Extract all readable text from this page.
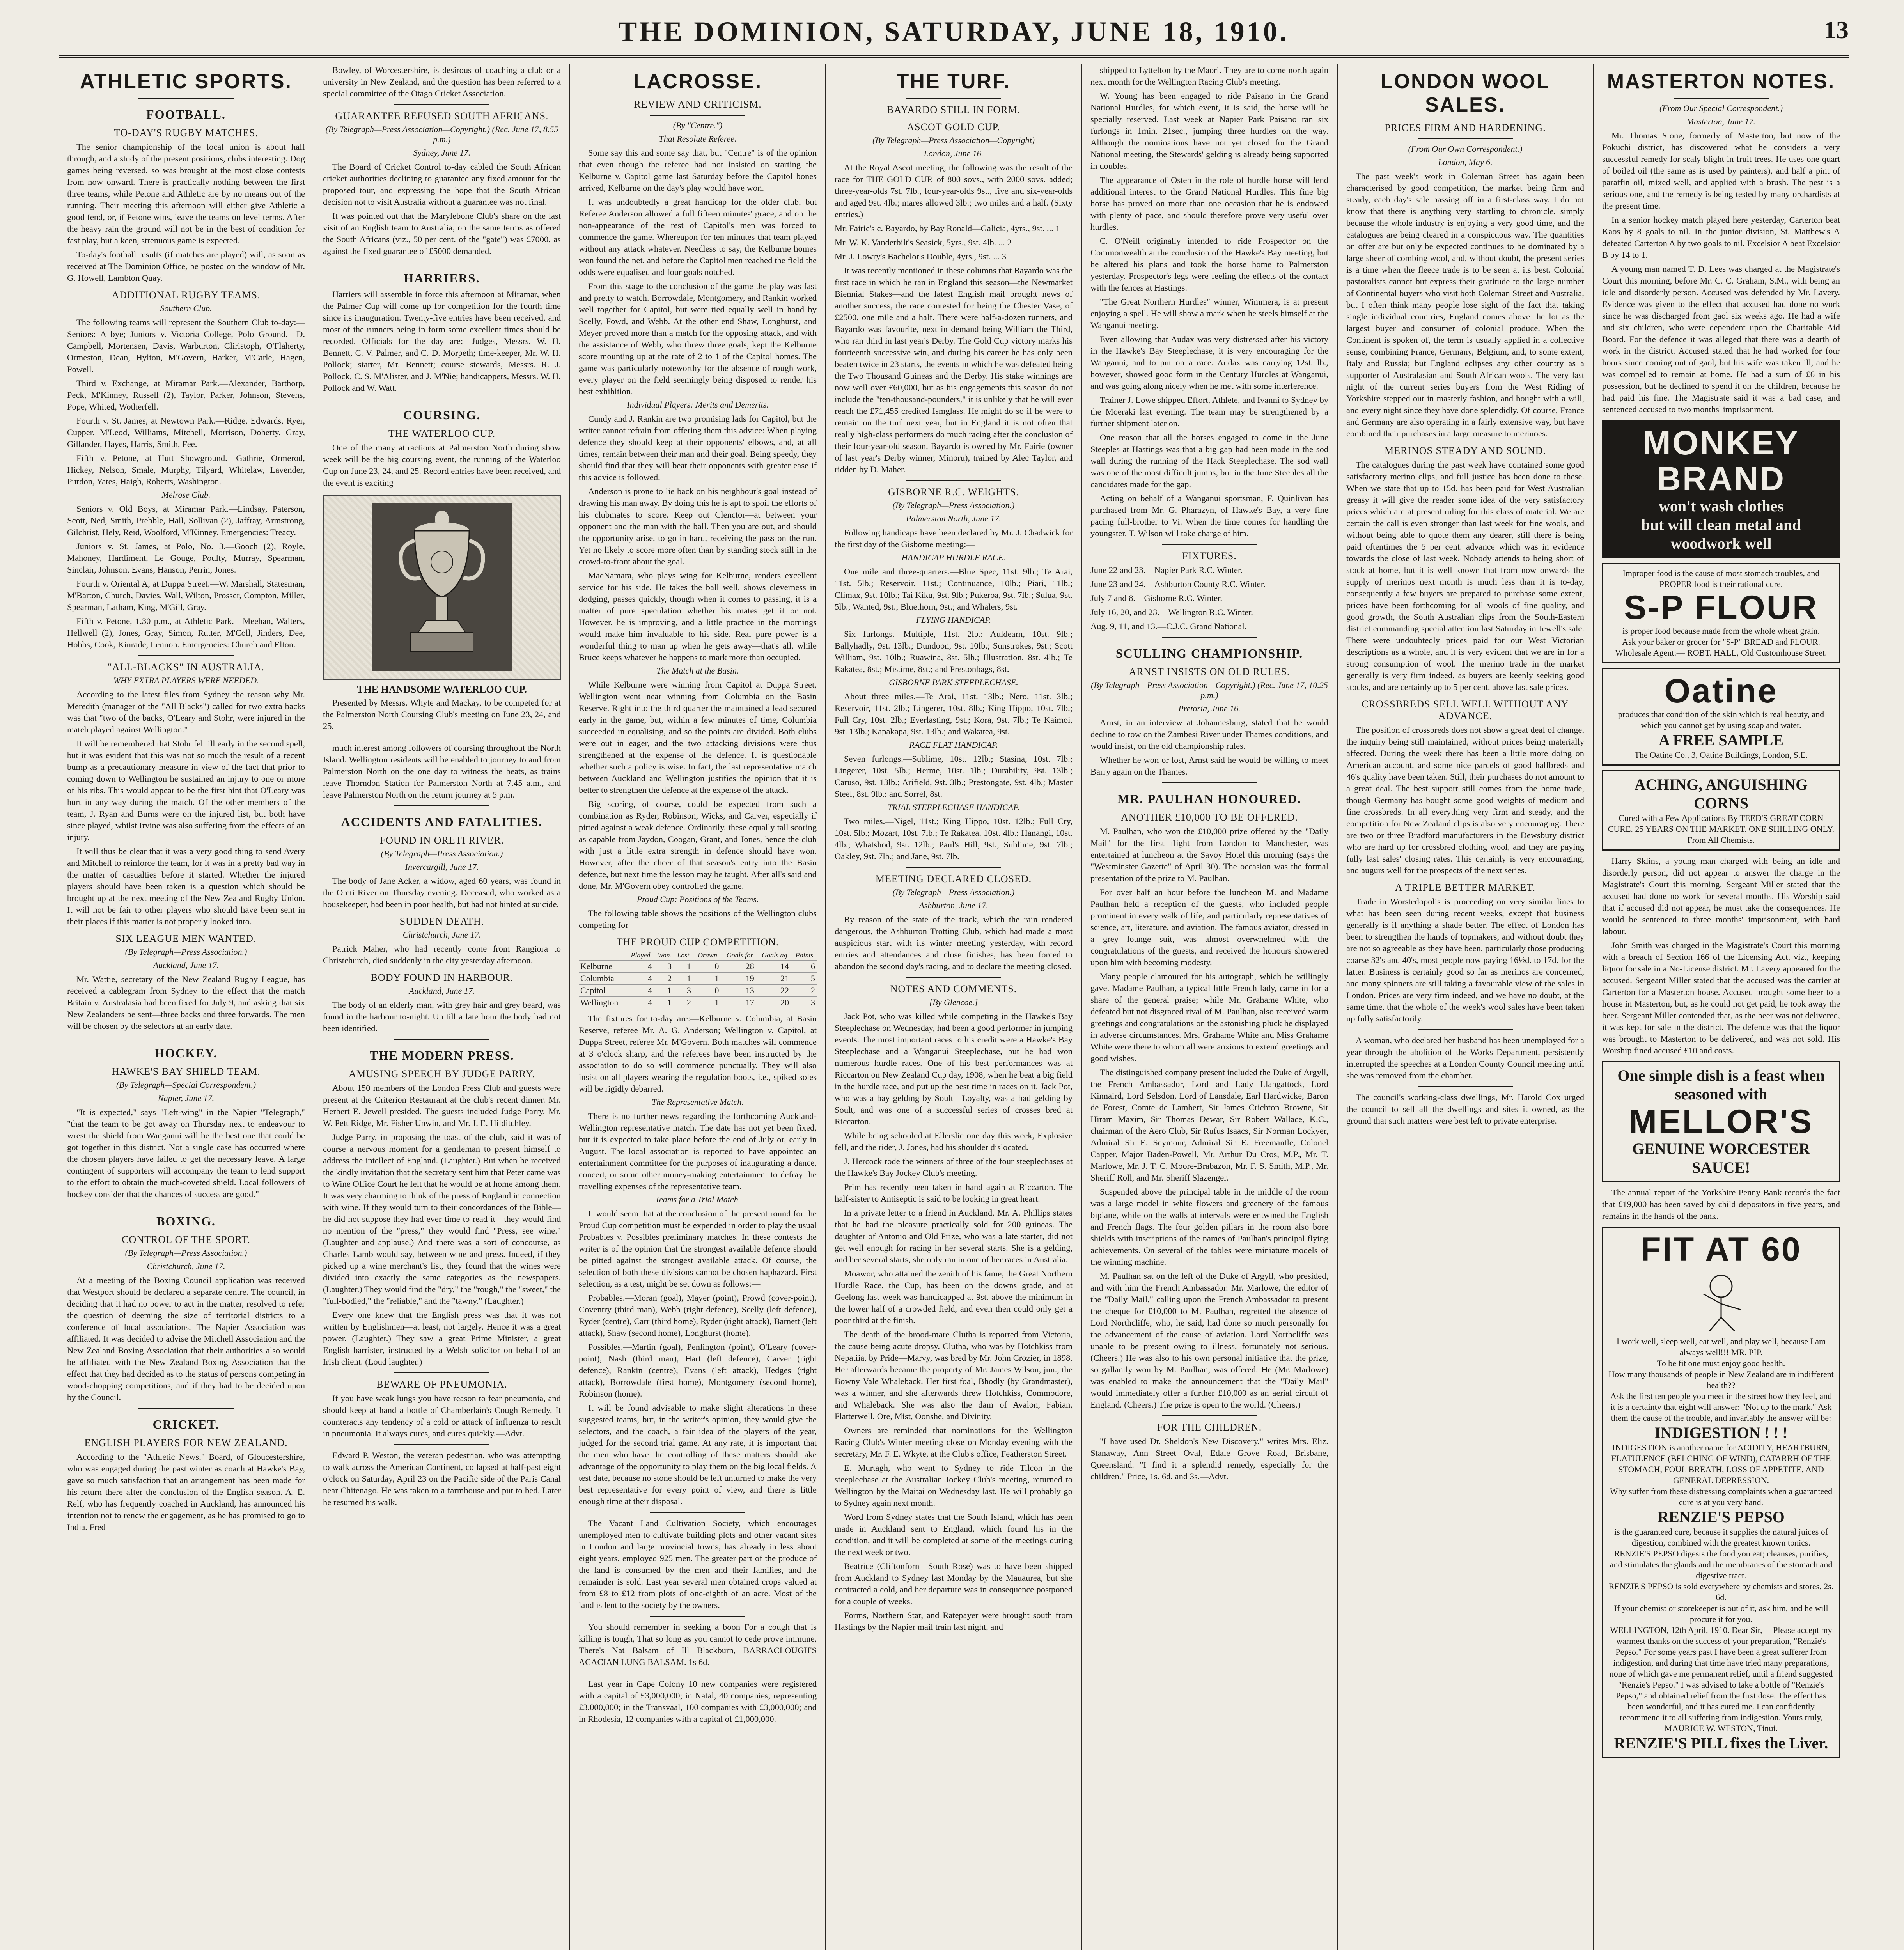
THE DOMINION, SATURDAY, JUNE 18, 1910.	13
ATHLETIC SPORTS.
FOOTBALL.
TO-DAY'S RUGBY MATCHES.

The senior championship of the local union is about half through, and a study of the present positions, clubs interesting. Dog games being reversed, so was brought at the most close contests from now onward. There is practically nothing between the first three teams, while Petone and Athletic are by no means out of the running. Their meeting this afternoon will either give Athletic a good fend, or, if Petone wins, leave the teams on level terms. After the heavy rain the ground will not be in the best of condition for fast play, but a keen, strenuous game is expected.

To-day's football results (if matches are played) will, as soon as received at The Dominion Office, be posted on the window of Mr. G. Howell, Lambton Quay.

ADDITIONAL RUGBY TEAMS.
Southern Club.

The following teams will represent the Southern Club to-day:— Seniors: A bye; Juniors v. Victoria College, Polo Ground.—D. Campbell, Mortensen, Davis, Warburton, Cliristoph, O'Flaherty, Ormeston, Dean, Hylton, M'Govern, Harker, M'Carle, Hagen, Powell.

Third v. Exchange, at Miramar Park.—Alexander, Barthorp, Peck, M'Kinney, Russell (2), Taylor, Parker, Johnson, Stevens, Pope, Whited, Wotherfell.

Fourth v. St. James, at Newtown Park.—Ridge, Edwards, Ryer, Cupper, M'Leod, Williams, Mitchell, Morrison, Doherty, Gray, Gillander, Hayes, Harris, Smith, Fee.

Fifth v. Petone, at Hutt Showground.—Gathrie, Ormerod, Hickey, Nelson, Smale, Murphy, Tilyard, Whitelaw, Lavender, Purdon, Yates, Haigh, Roberts, Washington.

Melrose Club.

Seniors v. Old Boys, at Miramar Park.—Lindsay, Paterson, Scott, Ned, Smith, Prebble, Hall, Sollivan (2), Jaffray, Armstrong, Gilchrist, Hely, Reid, Woolford, M'Kinney. Emergencies: Treacy.

Juniors v. St. James, at Polo, No. 3.—Gooch (2), Royle, Mahoney, Hardiment, Le Gouge, Poulty, Murray, Spearman, Sinclair, Johnson, Evans, Hanson, Perrin, Jones.

Fourth v. Oriental A, at Duppa Street.—W. Marshall, Statesman, M'Barton, Church, Davies, Wall, Wilton, Prosser, Compton, Miller, Spearman, Latham, King, M'Gill, Gray.

Fifth v. Petone, 1.30 p.m., at Athletic Park.—Meehan, Walters, Hellwell (2), Jones, Gray, Simon, Rutter, M'Coll, Jinders, Dee, Hobbs, Cook, Kinrade, Lennon. Emergencies: Church and Elton.

"ALL-BLACKS" IN AUSTRALIA.
WHY EXTRA PLAYERS WERE NEEDED.

According to the latest files from Sydney the reason why Mr. Meredith (manager of the "All Blacks") called for two extra backs was that "two of the backs, O'Leary and Stohr, were injured in the match played against Wellington."

It will be remembered that Stohr felt ill early in the second spell, but it was evident that this was not so much the result of a recent bump as a precautionary measure in view of the fact that prior to coming down to Wellington he sustained an injury to one or more of his ribs. This would appear to be the first hint that O'Leary was hurt in any way during the match. Of the other members of the team, J. Ryan and Burns were on the injured list, but both have since played, whilst Irvine was also suffering from the effects of an injury.

It will thus be clear that it was a very good thing to send Avery and Mitchell to reinforce the team, for it was in a pretty bad way in the matter of casualties before it started. Whether the injured players should have been taken is a question which should be brought up at the next meeting of the New Zealand Rugby Union. It will not be fair to other players who should have been sent in their places if this matter is not properly looked into.

SIX LEAGUE MEN WANTED.
(By Telegraph—Press Association.)
Auckland, June 17.

Mr. Wattie, secretary of the New Zealand Rugby League, has received a cablegram from Sydney to the effect that the match Britain v. Australasia had been fixed for July 9, and asking that six New Zealanders be sent—three backs and three forwards. The men will be chosen by the selectors at an early date.

HOCKEY.
HAWKE'S BAY SHIELD TEAM.
(By Telegraph—Special Correspondent.)
Napier, June 17.

"It is expected," says "Left-wing" in the Napier "Telegraph," "that the team to be got away on Thursday next to endeavour to wrest the shield from Wanganui will be the best one that could be got together in this district. Not a single case has occurred where the chosen players have failed to get the necessary leave. A large contingent of supporters will accompany the team to lend support to the effort to obtain the much-coveted shield. Local followers of hockey consider that the chances of success are good."

BOXING.
CONTROL OF THE SPORT.
(By Telegraph—Press Association.)
Christchurch, June 17.

At a meeting of the Boxing Council application was received that Westport should be declared a separate centre. The council, in deciding that it had no power to act in the matter, resolved to refer the question of deeming the size of territorial districts to a conference of local associations. The Napier Association was affiliated. It was decided to advise the Mitchell Association and the New Zealand Boxing Association that their authorities also would be affiliated with the New Zealand Boxing Association that the effect that they had decided as to the status of persons competing in wood-chopping competitions, and if they had to be decided upon by the Council.

CRICKET.
ENGLISH PLAYERS FOR NEW ZEALAND.

According to the "Athletic News," Board, of Gloucestershire, who was engaged during the past winter as coach at Hawke's Bay, gave so much satisfaction that an arrangement has been made for his return there after the conclusion of the English season. A. E. Relf, who has frequently coached in Auckland, has announced his intention not to renew the engagement, as he has promised to go to India. Fred

Bowley, of Worcestershire, is desirous of coaching a club or a university in New Zealand, and the question has been referred to a special committee of the Otago Cricket Association.

GUARANTEE REFUSED SOUTH AFRICANS.
(By Telegraph—Press Association—Copyright.) (Rec. June 17, 8.55 p.m.)
Sydney, June 17.

The Board of Cricket Control to-day cabled the South African cricket authorities declining to guarantee any fixed amount for the proposed tour, and expressing the hope that the South African decision not to visit Australia without a guarantee was not final.

It was pointed out that the Marylebone Club's share on the last visit of an English team to Australia, on the same terms as offered the South Africans (viz., 50 per cent. of the "gate") was £7000, as against the fixed guarantee of £5000 demanded.

HARRIERS.

Harriers will assemble in force this afternoon at Miramar, when the Palmer Cup will come up for competition for the fourth time since its inauguration. Twenty-five entries have been received, and most of the runners being in form some excellent times should be recorded. Officials for the day are:—Judges, Messrs. W. H. Bennett, C. V. Palmer, and C. D. Morpeth; time-keeper, Mr. W. H. Pollock; starter, Mr. Bennett; course stewards, Messrs. R. J. Pollock, C. S. M'Alister, and J. M'Nie; handicappers, Messrs. W. H. Pollock and W. Watt.

COURSING.
THE WATERLOO CUP.

One of the many attractions at Palmerston North during show week will be the big coursing event, the running of the Waterloo Cup on June 23, 24, and 25. Record entries have been received, and the event is exciting

THE HANDSOME WATERLOO CUP.

Presented by Messrs. Whyte and Mackay, to be competed for at the Palmerston North Coursing Club's meeting on June 23, 24, and 25.

much interest among followers of coursing throughout the North Island. Wellington residents will be enabled to journey to and from Palmerston North on the one day to witness the beats, as trains leave Thorndon Station for Palmerston North at 7.45 a.m., and leave Palmerston North on the return journey at 5 p.m.

ACCIDENTS AND FATALITIES.
FOUND IN ORETI RIVER.
(By Telegraph—Press Association.)
Invercargill, June 17.

The body of Jane Acker, a widow, aged 60 years, was found in the Oreti River on Thursday evening. Deceased, who worked as a housekeeper, had been in poor health, but had not hinted at suicide.

SUDDEN DEATH.
Christchurch, June 17.

Patrick Maher, who had recently come from Rangiora to Christchurch, died suddenly in the city yesterday afternoon.

BODY FOUND IN HARBOUR.
Auckland, June 17.

The body of an elderly man, with grey hair and grey beard, was found in the harbour to-night. Up till a late hour the body had not been identified.

THE MODERN PRESS.
AMUSING SPEECH BY JUDGE PARRY.

About 150 members of the London Press Club and guests were present at the Criterion Restaurant at the club's recent dinner. Mr. Herbert E. Jewell presided. The guests included Judge Parry, Mr. W. Pett Ridge, Mr. Fisher Unwin, and Mr. J. E. Hilditchley.

Judge Parry, in proposing the toast of the club, said it was of course a nervous moment for a gentleman to present himself to address the intellect of England. (Laughter.) But when he received the kindly invitation that the secretary sent him that Peter came was to Wine Office Court he felt that he would be at home among them. It was very charming to think of the press of England in connection with wine. If they would turn to their concordances of the Bible—he did not suppose they had ever time to read it—they would find no mention of the "press," they would find "Press, see wine." (Laughter and applause.) And there was a sort of concourse, as Charles Lamb would say, between wine and press. Indeed, if they picked up a wine merchant's list, they found that the wines were divided into exactly the same categories as the newspapers. (Laughter.) They would find the "dry," the "rough," the "sweet," the "full-bodied," the "reliable," and the "tawny." (Laughter.)

Every one knew that the English press was that it was not written by Englishmen—at least, not largely. Hence it was a great power. (Laughter.) They saw a great Prime Minister, a great English barrister, instructed by a Welsh solicitor on behalf of an Irish client. (Loud laughter.)

BEWARE OF PNEUMONIA.

If you have weak lungs you have reason to fear pneumonia, and should keep at hand a bottle of Chamberlain's Cough Remedy. It counteracts any tendency of a cold or attack of influenza to result in pneumonia. It always cures, and cures quickly.—Advt.

Edward P. Weston, the veteran pedestrian, who was attempting to walk across the American Continent, collapsed at half-past eight o'clock on Saturday, April 23 on the Pacific side of the Paris Canal near Chitenago. He was taken to a farmhouse and put to bed. Later he resumed his walk.

LACROSSE.
REVIEW AND CRITICISM.
(By "Centre.")
That Resolute Referee.

Some say this and some say that, but "Centre" is of the opinion that even though the referee had not insisted on starting the Kelburne v. Capitol game last Saturday before the Capitol bones arrived, Kelburne on the day's play would have won.

It was undoubtedly a great handicap for the older club, but Referee Anderson allowed a full fifteen minutes' grace, and on the non-appearance of the rest of Capitol's men was forced to commence the game. Whereupon for ten minutes that team played without any attack whatever. Needless to say, the Kelburne homes won found the net, and before the Capitol men reached the field the odds were equalised and four goals notched.

From this stage to the conclusion of the game the play was fast and pretty to watch. Borrowdale, Montgomery, and Rankin worked well together for Capitol, but were tied equally well in hand by Scelly, Fowd, and Webb. At the other end Shaw, Longhurst, and Meyer proved more than a match for the opposing attack, and with the assistance of Webb, who threw three goals, kept the Kelburne score mounting up at the rate of 2 to 1 of the Capitol homes. The game was particularly noteworthy for the absence of rough work, every player on the field seemingly being disposed to render his best exhibition.

Individual Players: Merits and Demerits.

Cundy and J. Rankin are two promising lads for Capitol, but the writer cannot refrain from offering them this advice: When playing defence they should keep at their opponents' elbows, and, at all times, remain between their man and their goal. Being speedy, they should find that they will beat their opponents with greater ease if this advice is followed.

Anderson is prone to lie back on his neighbour's goal instead of drawing his man away. By doing this he is apt to spoil the efforts of his clubmates to score. Keep out Clenctor—at between your opponent and the man with the ball. Then you are out, and should the opportunity arise, to go in hard, receiving the pass on the run. Yet no likely to score more often than by standing stock still in the crowd-to-front about the goal.

MacNamara, who plays wing for Kelburne, renders excellent service for his side. He takes the ball well, shows cleverness in dodging, passes quickly, though when it comes to passing, it is a matter of pure speculation whether his mates get it or not. However, he is improving, and a little practice in the mornings would make him invaluable to his side. Real pure power is a wonderful thing to man up when he gets away—that's all, while Bruce keeps whatever he happens to mark more than occupied.

The Match at the Basin.

While Kelburne were winning from Capitol at Duppa Street, Wellington went near winning from Columbia on the Basin Reserve. Right into the third quarter the maintained a lead secured early in the game, but, within a few minutes of time, Columbia succeeded in equalising, and so the points are divided. Both clubs were out in eager, and the two attacking divisions were thus strengthened at the expense of the defence. It is questionable whether such a policy is wise. In fact, the last representative match between Auckland and Wellington justifies the opinion that it is better to strengthen the defence at the expense of the attack.

Big scoring, of course, could be expected from such a combination as Ryder, Robinson, Wicks, and Carver, especially if pitted against a weak defence. Ordinarily, these equally tall scoring as capable from Jaydon, Coogan, Grant, and Jones, hence the club with just a little extra strength in defence should have won. However, after the cheer of that season's entry into the Basin defence, but next time the lesson may be taught. After all's said and done, Mr. M'Govern obey controlled the game.

Proud Cup: Positions of the Teams.

The following table shows the positions of the Wellington clubs competing for

THE PROUD CUP COMPETITION.
	Played.	Won.	Lost.	Drawn.	Goals for.	Goals ag.	Points.
Kelburne	4	3	1	0	28	14	6
Columbia	4	2	1	1	19	21	5
Capitol	4	1	3	0	13	22	2
Wellington	4	1	2	1	17	20	3

The fixtures for to-day are:—Kelburne v. Columbia, at Basin Reserve, referee Mr. A. G. Anderson; Wellington v. Capitol, at Duppa Street, referee Mr. M'Govern. Both matches will commence at 3 o'clock sharp, and the referees have been instructed by the association to do so will commence punctually. They will also insist on all players wearing the regulation boots, i.e., spiked soles will be rigidly debarred.

The Representative Match.

There is no further news regarding the forthcoming Auckland-Wellington representative match. The date has not yet been fixed, but it is expected to take place before the end of July or, early in August. The local association is reported to have appointed an entertainment committee for the purposes of inaugurating a dance, concert, or some other money-making entertainment to defray the travelling expenses of the representative team.

Teams for a Trial Match.

It would seem that at the conclusion of the present round for the Proud Cup competition must be expended in order to play the usual Probables v. Possibles preliminary matches. In these contests the writer is of the opinion that the strongest available defence should be pitted against the strongest available attack. Of course, the selection of both these divisions cannot be chosen haphazard. First selection, as a test, might be set down as follows:—

Probables.—Moran (goal), Mayer (point), Prowd (cover-point), Coventry (third man), Webb (right defence), Scelly (left defence), Ryder (centre), Carr (third home), Ryder (right attack), Barnett (left attack), Shaw (second home), Longhurst (home).

Possibles.—Martin (goal), Penlington (point), O'Leary (cover-point), Nash (third man), Hart (left defence), Carver (right defence), Rankin (centre), Evans (left attack), Hedges (right attack), Borrowdale (first home), Montgomery (second home), Robinson (home).

It will be found advisable to make slight alterations in these suggested teams, but, in the writer's opinion, they would give the selectors, and the coach, a fair idea of the players of the year, judged for the second trial game. At any rate, it is important that the men who have the controlling of these matters should take advantage of the opportunity to play them on the big local fields. A test date, because no stone should be left unturned to make the very best representative for every point of view, and there is little enough time at their disposal.

The Vacant Land Cultivation Society, which encourages unemployed men to cultivate building plots and other vacant sites in London and large provincial towns, has already in less about eight years, employed 925 men. The greater part of the produce of the land is consumed by the men and their families, and the remainder is sold. Last year several men obtained crops valued at from £8 to £12 from plots of one-eighth of an acre. Most of the land is lent to the society by the owners.

You should remember in seeking a boon For a cough that is killing is tough, That so long as you cannot to cede prove immune, There's Nat Balsam of Ill Blackburn, BARRACLOUGH'S ACACIAN LUNG BALSAM. 1s 6d.

Last year in Cape Colony 10 new companies were registered with a capital of £3,000,000; in Natal, 40 companies, representing £3,000,000; in the Transvaal, 100 companies with £3,000,000; and in Rhodesia, 12 companies with a capital of £1,000,000.

THE TURF.
BAYARDO STILL IN FORM.
ASCOT GOLD CUP.
(By Telegraph—Press Association—Copyright)
London, June 16.

At the Royal Ascot meeting, the following was the result of the race for THE GOLD CUP, of 800 sovs., with 2000 sovs. added; three-year-olds 7st. 7lb., four-year-olds 9st., five and six-year-olds and aged 9st. 4lb.; mares allowed 3lb.; two miles and a half. (Sixty entries.)

Mr. Fairie's c. Bayardo, by Bay Ronald—Galicia, 4yrs., 9st. ... 1

Mr. W. K. Vanderbilt's Seasick, 5yrs., 9st. 4lb. ... 2

Mr. J. Lowry's Bachelor's Double, 4yrs., 9st. ... 3

It was recently mentioned in these columns that Bayardo was the first race in which he ran in England this season—the Newmarket Biennial Stakes—and the latest English mail brought news of another success, the race contested for being the Chester Vase, of £2500, one mile and a half. There were half-a-dozen runners, and Bayardo was favourite, next in demand being William the Third, who ran third in last year's Derby. The Gold Cup victory marks his fourteenth successive win, and during his career he has only been beaten twice in 23 starts, the events in which he was defeated being the Two Thousand Guineas and the Derby. His stake winnings are now well over £60,000, but as his engagements this season do not include the "ten-thousand-pounders," it is unlikely that he will ever reach the £71,455 credited Ismglass. He might do so if he were to remain on the turf next year, but in England it is not often that really high-class performers do much racing after the conclusion of their four-year-old season. Bayardo is owned by Mr. Fairie (owner of last year's Derby winner, Minoru), trained by Alec Taylor, and ridden by D. Maher.

GISBORNE R.C. WEIGHTS.
(By Telegraph—Press Association.)
Palmerston North, June 17.

Following handicaps have been declared by Mr. J. Chadwick for the first day of the Gisborne meeting:—

HANDICAP HURDLE RACE.

One mile and three-quarters.—Blue Spec, 11st. 9lb.; Te Arai, 11st. 5lb.; Reservoir, 11st.; Continuance, 10lb.; Piari, 11lb.; Climax, 9st. 10lb.; Tai Kiku, 9st. 9lb.; Pukeroa, 9st. 7lb.; Sulua, 9st. 5lb.; Wanted, 9st.; Bluethorn, 9st.; and Whalers, 9st.

FLYING HANDICAP.

Six furlongs.—Multiple, 11st. 2lb.; Auldearn, 10st. 9lb.; Ballyhadly, 9st. 13lb.; Dundoon, 9st. 10lb.; Sunstrokes, 9st.; Scott William, 9st. 10lb.; Ruawina, 8st. 5lb.; Illustration, 8st. 4lb.; Te Rakatea, 8st.; Mistime, 8st.; and Prestonbags, 8st.

GISBORNE PARK STEEPLECHASE.

About three miles.—Te Arai, 11st. 13lb.; Nero, 11st. 3lb.; Reservoir, 11st. 2lb.; Lingerer, 10st. 8lb.; King Hippo, 10st. 7lb.; Full Cry, 10st. 2lb.; Everlasting, 9st.; Kora, 9st. 7lb.; Te Kaimoi, 9st. 13lb.; Kapakapa, 9st. 13lb.; and Wakatea, 9st.

RACE FLAT HANDICAP.

Seven furlongs.—Sublime, 10st. 12lb.; Stasina, 10st. 7lb.; Lingerer, 10st. 5lb.; Herme, 10st. 1lb.; Durability, 9st. 13lb.; Caruso, 9st. 13lb.; Arifield, 9st. 3lb.; Prestongate, 9st. 4lb.; Master Steel, 8st. 9lb.; and Sorrel, 8st.

TRIAL STEEPLECHASE HANDICAP.

Two miles.—Nigel, 11st.; King Hippo, 10st. 12lb.; Full Cry, 10st. 5lb.; Mozart, 10st. 7lb.; Te Rakatea, 10st. 4lb.; Hanangi, 10st. 4lb.; Whatshod, 9st. 12lb.; Paul's Hill, 9st.; Sublime, 9st. 7lb.; Oakley, 9st. 7lb.; and Jane, 9st. 7lb.

MEETING DECLARED CLOSED.
(By Telegraph—Press Association.)
Ashburton, June 17.

By reason of the state of the track, which the rain rendered dangerous, the Ashburton Trotting Club, which had made a most auspicious start with its winter meeting yesterday, with record entries and attendances and close finishes, has been forced to abandon the second day's racing, and to declare the meeting closed.

NOTES AND COMMENTS.
[By Glencoe.]

Jack Pot, who was killed while competing in the Hawke's Bay Steeplechase on Wednesday, had been a good performer in jumping events. The most important races to his credit were a Hawke's Bay Steeplechase and a Wanganui Steeplechase, but he had won numerous hurdle races. One of his best performances was at Riccarton on New Zealand Cup day, 1908, when he beat a big field in the hurdle race, and put up the best time in races on it. Jack Pot, who was a bay gelding by Soult—Loyalty, was a bad gelding by Soult, and was one of a successful series of crosses bred at Riccarton.

While being schooled at Ellerslie one day this week, Explosive fell, and the rider, J. Jones, had his shoulder dislocated.

J. Hercock rode the winners of three of the four steeplechases at the Hawke's Bay Jockey Club's meeting.

Prim has recently been taken in hand again at Riccarton. The half-sister to Antiseptic is said to be looking in great heart.

In a private letter to a friend in Auckland, Mr. A. Phillips states that he had the pleasure practically sold for 200 guineas. The daughter of Antonio and Old Prize, who was a late starter, did not get well enough for racing in her several starts. She is a gelding, and her several starts, she only ran in one of her races in Australia.

Moawor, who attained the zenith of his fame, the Great Northern Hurdle Race, the Cup, has been on the downs grade, and at Geelong last week was handicapped at 9st. above the minimum in the lower half of a crowded field, and even then could only get a poor third at the finish.

The death of the brood-mare Clutha is reported from Victoria, the cause being acute dropsy. Clutha, who was by Hotchkiss from Nepatiia, by Pride—Marvy, was bred by Mr. John Crozier, in 1898. Her afterwards became the property of Mr. James Wilson, jun., the Bowny Vale Whaleback. Her first foal, Bhodly (by Grandmaster), was a winner, and she afterwards threw Hotchkiss, Commodore, and Whaleback. She was also the dam of Avalon, Fabian, Flatterwell, Ore, Mist, Oonshe, and Divinity.

Owners are reminded that nominations for the Wellington Racing Club's Winter meeting close on Monday evening with the secretary, Mr. F. E. Wkyte, at the Club's office, Featherston Street.

E. Murtagh, who went to Sydney to ride Tilcon in the steeplechase at the Australian Jockey Club's meeting, returned to Wellington by the Maitai on Wednesday last. He will probably go to Sydney again next month.

Word from Sydney states that the South Island, which has been made in Auckland sent to England, which found his in the condition, and it will be completed at some of the meetings during the next week or two.

Beatrice (Cliftonforn—South Rose) was to have been shipped from Auckland to Sydney last Monday by the Mauaurea, but she contracted a cold, and her departure was in consequence postponed for a couple of weeks.

Forms, Northern Star, and Ratepayer were brought south from Hastings by the Napier mail train last night, and

shipped to Lyttelton by the Maori. They are to come north again next month for the Wellington Racing Club's meeting.

W. Young has been engaged to ride Paisano in the Grand National Hurdles, for which event, it is said, the horse will be specially reserved. Last week at Napier Park Paisano ran six furlongs in 1min. 21sec., jumping three hurdles on the way. Although the nominations have not yet closed for the Grand National meeting, the Stewards' gelding is already being supported in doubles.

The appearance of Osten in the role of hurdle horse will lend additional interest to the Grand National Hurdles. This fine big horse has proved on more than one occasion that he is endowed with plenty of pace, and should therefore prove very useful over hurdles.

C. O'Neill originally intended to ride Prospector on the Commonwealth at the conclusion of the Hawke's Bay meeting, but he altered his plans and took the horse home to Palmerston yesterday. Prospector's legs were feeling the effects of the contact with the fences at Hastings.

"The Great Northern Hurdles" winner, Wimmera, is at present enjoying a spell. He will show a mark when he steels himself at the Wanganui meeting.

Even allowing that Audax was very distressed after his victory in the Hawke's Bay Steeplechase, it is very encouraging for the Wanganui, and to put on a race. Audax was carrying 12st. lb., however, showed good form in the Century Hurdles at Wanganui, and was going along nicely when he met with some interference.

Trainer J. Lowe shipped Effort, Athlete, and Ivanni to Sydney by the Moeraki last evening. The team may be strengthened by a further shipment later on.

One reason that all the horses engaged to come in the June Steeples at Hastings was that a big gap had been made in the sod wall during the running of the Hack Steeplechase. The sod wall was one of the most difficult jumps, but in the June Steeples all the candidates made for the gap.

Acting on behalf of a Wanganui sportsman, F. Quinlivan has purchased from Mr. G. Pharazyn, of Hawke's Bay, a very fine pacing full-brother to Vi. When the time comes for handling the youngster, T. Wilson will take charge of him.

FIXTURES.

June 22 and 23.—Napier Park R.C. Winter.

June 23 and 24.—Ashburton County R.C. Winter.

July 7 and 8.—Gisborne R.C. Winter.

July 16, 20, and 23.—Wellington R.C. Winter.

Aug. 9, 11, and 13.—C.J.C. Grand National.

SCULLING CHAMPIONSHIP.
ARNST INSISTS ON OLD RULES.
(By Telegraph—Press Association—Copyright.) (Rec. June 17, 10.25 p.m.)
Pretoria, June 16.

Arnst, in an interview at Johannesburg, stated that he would decline to row on the Zambesi River under Thames conditions, and would insist, on the old championship rules.

Whether he won or lost, Arnst said he would be willing to meet Barry again on the Thames.

MR. PAULHAN HONOURED.
ANOTHER £10,000 TO BE OFFERED.

M. Paulhan, who won the £10,000 prize offered by the "Daily Mail" for the first flight from London to Manchester, was entertained at luncheon at the Savoy Hotel this morning (says the "Westminster Gazette" of April 30). The occasion was the formal presentation of the prize to M. Paulhan.

For over half an hour before the luncheon M. and Madame Paulhan held a reception of the guests, who included people prominent in every walk of life, and particularly representatives of science, art, literature, and aviation. The famous aviator, dressed in a grey lounge suit, was almost overwhelmed with the congratulations of the guests, and received the honours showered upon him with becoming modesty.

Many people clamoured for his autograph, which he willingly gave. Madame Paulhan, a typical little French lady, came in for a share of the general praise; while Mr. Grahame White, who defeated but not disgraced rival of M. Paulhan, also received warm greetings and congratulations on the astonishing pluck he displayed in adverse circumstances. Mrs. Grahame White and Miss Grahame White were there to whom all were anxious to extend greetings and good wishes.

The distinguished company present included the Duke of Argyll, the French Ambassador, Lord and Lady Llangattock, Lord Kinnaird, Lord Selsdon, Lord of Lansdale, Earl Hardwicke, Baron de Forest, Comte de Lambert, Sir James Crichton Browne, Sir Hiram Maxim, Sir Thomas Dewar, Sir Robert Wallace, K.C., chairman of the Aero Club, Sir Rufus Isaacs, Sir Norman Lockyer, Admiral Sir E. Seymour, Admiral Sir E. Freemantle, Colonel Capper, Major Baden-Powell, Mr. Arthur Du Cros, M.P., Mr. T. Marlowe, Mr. J. T. C. Moore-Brabazon, Mr. F. S. Smith, M.P., Mr. Sheriff Roll, and Mr. Sheriff Slazenger.

Suspended above the principal table in the middle of the room was a large model in white flowers and greenery of the famous biplane, while on the walls at intervals were entwined the English and French flags. The four golden pillars in the room also bore shields with inscriptions of the names of Paulhan's principal flying achievements. On several of the tables were miniature models of the winning machine.

M. Paulhan sat on the left of the Duke of Argyll, who presided, and with him the French Ambassador. Mr. Marlowe, the editor of the "Daily Mail," calling upon the French Ambassador to present the cheque for £10,000 to M. Paulhan, regretted the absence of Lord Northcliffe, who, he said, had done so much personally for the advancement of the cause of aviation. Lord Northcliffe was unable to be present owing to illness, fortunately not serious. (Cheers.) He was also to his own personal initiative that the prize, so gallantly won by M. Paulhan, was offered. He (Mr. Marlowe) was enabled to make the announcement that the "Daily Mail" would immediately offer a further £10,000 as an aerial circuit of England. (Cheers.) The prize is open to the world. (Cheers.)

FOR THE CHILDREN.

"I have used Dr. Sheldon's New Discovery," writes Mrs. Eliz. Stanaway, Ann Street Oval, Edale Grove Road, Brisbane, Queensland. "I find it a splendid remedy, especially for the children." Price, 1s. 6d. and 3s.—Advt.

LONDON WOOL SALES.
PRICES FIRM AND HARDENING.
(From Our Own Correspondent.)
London, May 6.

The past week's work in Coleman Street has again been characterised by good competition, the market being firm and steady, each day's sale passing off in a first-class way. I do not know that there is anything very startling to chronicle, simply because the whole industry is enjoying a very good time, and the catalogues are being cleared in a conspicuous way. The quantities on offer are but only be expected continues to be dominated by a large sheer of combing wool, and, without doubt, the present series is a time when the fleece trade is to be seen at its best. Colonial pastoralists cannot but express their gratitude to the large number of Continental buyers who visit both Coleman Street and Australia, but I often think many people lose sight of the fact that taking single individual countries, England comes above the lot as the largest buyer and consumer of colonial produce. When the Continent is spoken of, the term is usually applied in a collective sense, combining France, Germany, Belgium, and, to some extent, Italy and Russia; but England eclipses any other country as a supporter of Australasian and South African wools. The very last night of the current series buyers from the West Riding of Yorkshire stepped out in masterly fashion, and bought with a will, and every night since they have done splendidly. Of course, France and Germany are also operating in a fairly extensive way, but have combined their purchases in a large measure to merinoes.

MERINOS STEADY AND SOUND.

The catalogues during the past week have contained some good satisfactory merino clips, and full justice has been done to these. When we state that up to 15d. has been paid for West Australian greasy it will give the reader some idea of the very satisfactory prices which are at present ruling for this class of material. We are certain the call is even stronger than last week for fine wools, and without being able to quote them any dearer, still there is being paid oftentimes the 5 per cent. advance which was in evidence towards the close of last week. Nobody attends to being short of stock at home, but it is well known that from now onwards the supply of merinos next month is much less than it is to-day, consequently a few buyers are prepared to purchase some extent, prices have been forthcoming for all wools of fine quality, and good growth, the South Australian clips from the South-Eastern district commanding special attention last Saturday in Jewell's sale. There were undoubtedly prices paid for our West Victorian descriptions as a whole, and it is very evident that we are in for a strong consumption of wool. The merino trade in the market generally is very firm indeed, as buyers are keenly seeking good stocks, and are certainly up to 5 per cent. above last sale prices.

CROSSBREDS SELL WELL WITHOUT ANY ADVANCE.

The position of crossbreds does not show a great deal of change, the inquiry being still maintained, without prices being materially affected. During the week there has been a little more doing on American account, and some nice parcels of good halfbreds and 46's quality have been taken. Still, their purchases do not amount to a great deal. The best support still comes from the home trade, though Germany has bought some good weights of medium and fine crossbreds. In all everything very firm and steady, and the competition for New Zealand clips is also very encouraging. There are two or three Bradford manufacturers in the Dewsbury district who are hard up for crossbred clothing wool, and they are paying fully last sales' closing rates. This certainly is very encouraging, and augurs well for the prospects of the next series.

A TRIPLE BETTER MARKET.

Trade in Worstedopolis is proceeding on very similar lines to what has been seen during recent weeks, except that business generally is if anything a shade better. The effect of London has been to strengthen the hands of topmakers, and without doubt they are not so agreeable as they have been, particularly those producing coarse 32's and 40's, most people now paying 16½d. to 17d. for the latter. Business is certainly good so far as merinos are concerned, and many spinners are still taking a favourable view of the sales in London. Prices are very firm indeed, and we have no doubt, at the same time, that the whole of the week's wool sales have been taken up fully satisfactorily.

A woman, who declared her husband has been unemployed for a year through the abolition of the Works Department, persistently interrupted the speeches at a London County Council meeting until she was removed from the chamber.

The council's working-class dwellings, Mr. Harold Cox urged the council to sell all the dwellings and sites it owned, as the ground that such matters were best left to private enterprise.

MASTERTON NOTES.
(From Our Special Correspondent.)
Masterton, June 17.

Mr. Thomas Stone, formerly of Masterton, but now of the Pokuchi district, has discovered what he considers a very successful remedy for scaly blight in fruit trees. He uses one quart of boiled oil (the same as is used by painters), and half a pint of paraffin oil, mixed well, and applied with a brush. The pest is a serious one, and the remedy is being tested by many orchardists at the present time.

In a senior hockey match played here yesterday, Carterton beat Kaos by 8 goals to nil. In the junior division, St. Matthew's A defeated Carterton A by two goals to nil. Excelsior A beat Excelsior B by 14 to 1.

A young man named T. D. Lees was charged at the Magistrate's Court this morning, before Mr. C. C. Graham, S.M., with being an idle and disorderly person. Accused was defended by Mr. Lavery. Evidence was given to the effect that accused had done no work since he was discharged from gaol six weeks ago. He had a wife and six children, who were dependent upon the Charitable Aid Board. For the defence it was alleged that there was a dearth of work in the district. Accused stated that he had worked for four hours since coming out of gaol, but his wife was taken ill, and he was compelled to remain at home. He had a sum of £6 in his possession, but he declined to spend it on the children, because he had paid his fine. The Magistrate said it was a bad case, and sentenced accused to two months' imprisonment.

MONKEY BRAND
won't wash clothes
but will clean metal and woodwork well
Improper food is the cause of most stomach troubles, and PROPER food is their rational cure.
S-P FLOUR
is proper food because made from the whole wheat grain.
Ask your baker or grocer for "S-P" BREAD and FLOUR.
Wholesale Agent:— ROBT. HALL, Old Customhouse Street.
Oatine
produces that condition of the skin which is real beauty, and which you cannot get by using soap and water.
A FREE SAMPLE
The Oatine Co., 3, Oatine Buildings, London, S.E.
ACHING, ANGUISHING CORNS
Cured with a Few Applications By TEED'S GREAT CORN CURE. 25 YEARS ON THE MARKET. ONE SHILLING ONLY. From All Chemists.

Harry Sklins, a young man charged with being an idle and disorderly person, did not appear to answer the charge in the Magistrate's Court this morning. Sergeant Miller stated that the accused had done no work for several months. His Worship said that if accused did not appear, he must take the consequences. He would be sentenced to three months' imprisonment, with hard labour.

John Smith was charged in the Magistrate's Court this morning with a breach of Section 166 of the Licensing Act, viz., keeping liquor for sale in a No-License district. Mr. Lavery appeared for the accused. Sergeant Miller stated that the accused was the carrier at Carterton for a Masterton house. Accused brought some beer to a house in Masterton, but, as he could not get paid, he took away the beer. Sergeant Miller contended that, as the beer was not delivered, it was kept for sale in the district. The defence was that the liquor was brought to Masterton to be delivered, and was not sold. His Worship fined accused £10 and costs.

One simple dish is a feast when seasoned with
MELLOR'S
GENUINE WORCESTER SAUCE!

The annual report of the Yorkshire Penny Bank records the fact that £19,000 has been saved by child depositors in five years, and remains in the hands of the bank.

FIT AT 60
I work well, sleep well, eat well, and play well, because I am always well!!! MR. PIP.
To be fit one must enjoy good health.
How many thousands of people in New Zealand are in indifferent health??
Ask the first ten people you meet in the street how they feel, and it is a certainty that eight will answer: "Not up to the mark." Ask them the cause of the trouble, and invariably the answer will be:
INDIGESTION ! ! !
INDIGESTION is another name for ACIDITY, HEARTBURN, FLATULENCE (BELCHING OF WIND), CATARRH OF THE STOMACH, FOUL BREATH, LOSS OF APPETITE, AND GENERAL DEPRESSION.
Why suffer from these distressing complaints when a guaranteed cure is at you very hand.
RENZIE'S PEPSO
is the guaranteed cure, because it supplies the natural juices of digestion, combined with the greatest known tonics.
RENZIE'S PEPSO digests the food you eat; cleanses, purifies, and stimulates the glands and the membranes of the stomach and digestive tract.
RENZIE'S PEPSO is sold everywhere by chemists and stores, 2s. 6d.
If your chemist or storekeeper is out of it, ask him, and he will procure it for you.
WELLINGTON, 12th April, 1910. Dear Sir,— Please accept my warmest thanks on the success of your preparation, "Renzie's Pepso." For some years past I have been a great sufferer from indigestion, and during that time have tried many preparations, none of which gave me permanent relief, until a friend suggested "Renzie's Pepso." I was advised to take a bottle of "Renzie's Pepso," and obtained relief from the first dose. The effect has been wonderful, and it has cured me. I can confidently recommend it to all suffering from indigestion. Yours truly, MAURICE W. WESTON, Tinui.
RENZIE'S PILL fixes the Liver.
